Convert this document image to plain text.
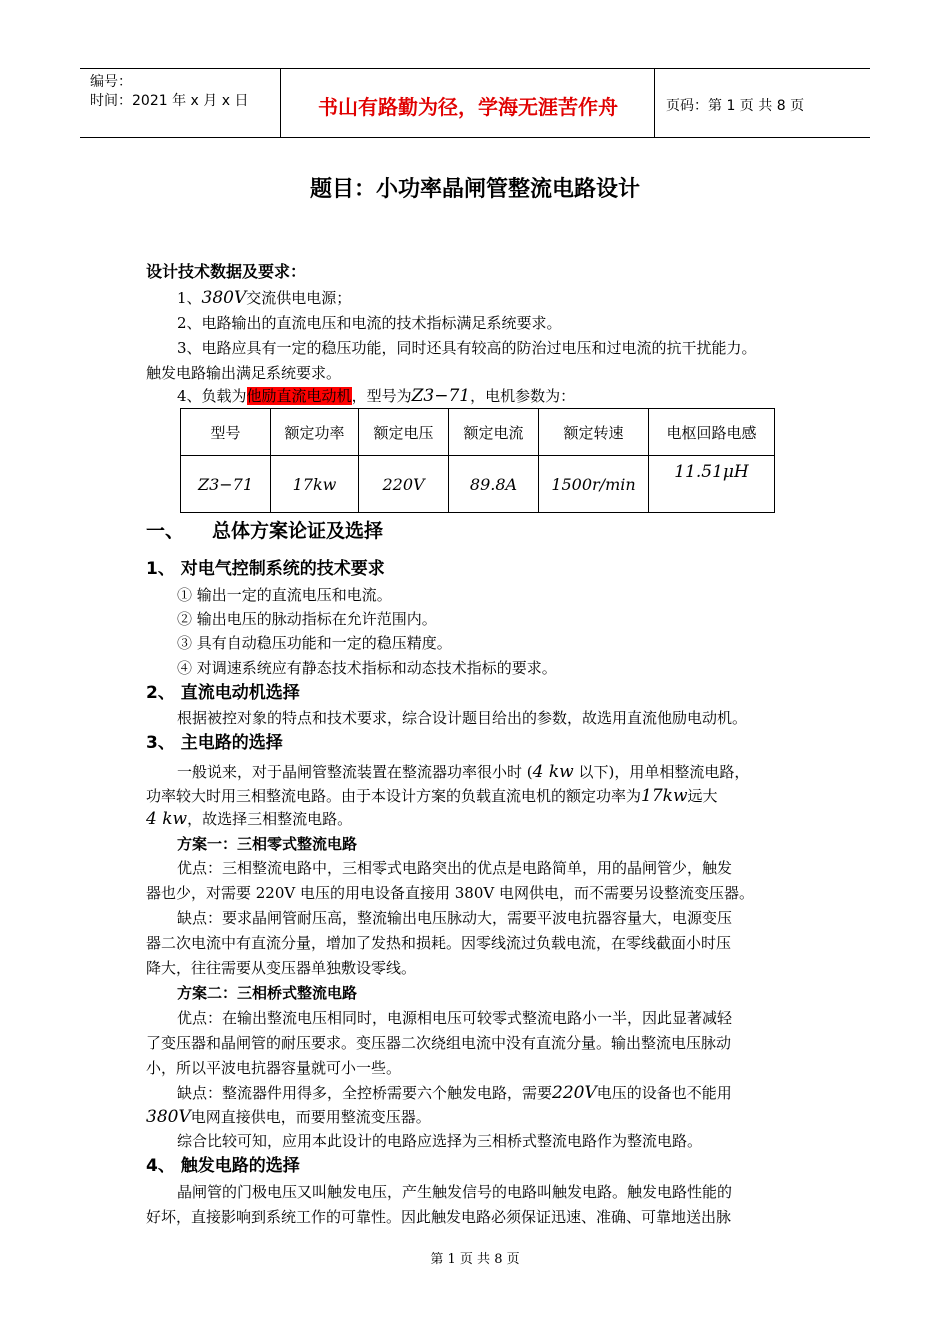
编号：
时间：2021 年 x 月 x 日	书山有路勤为径，学海无涯苦作舟	页码：第 1 页 共 8 页
题目：小功率晶闸管整流电路设计
设计技术数据及要求：
1、380V交流供电电源；
2、电路输出的直流电压和电流的技术指标满足系统要求。
3、电路应具有一定的稳压功能，同时还具有较高的防治过电压和过电流的抗干扰能力。
触发电路输出满足系统要求。
4、负载为他励直流电动机，型号为Z3−71，电机参数为：
型号	额定功率	额定电压	额定电流	额定转速	电枢回路电感
Z3−71	17kw	220V	89.8A	1500r/min	11.51μH
一、 总体方案论证及选择
1、 对电气控制系统的技术要求
① 输出一定的直流电压和电流。
② 输出电压的脉动指标在允许范围内。
③ 具有自动稳压功能和一定的稳压精度。
④ 对调速系统应有静态技术指标和动态技术指标的要求。
2、 直流电动机选择
根据被控对象的特点和技术要求，综合设计题目给出的参数，故选用直流他励电动机。
3、 主电路的选择
一般说来，对于晶闸管整流装置在整流器功率很小时 (4 kw 以下)，用单相整流电路，
功率较大时用三相整流电路。由于本设计方案的负载直流电机的额定功率为17kw远大
4 kw，故选择三相整流电路。
方案一：三相零式整流电路
优点：三相整流电路中，三相零式电路突出的优点是电路简单，用的晶闸管少，触发
器也少，对需要 220V 电压的用电设备直接用 380V 电网供电，而不需要另设整流变压器。
缺点：要求晶闸管耐压高，整流输出电压脉动大，需要平波电抗器容量大，电源变压
器二次电流中有直流分量，增加了发热和损耗。因零线流过负载电流，在零线截面小时压
降大，往往需要从变压器单独敷设零线。
方案二：三相桥式整流电路
优点：在输出整流电压相同时，电源相电压可较零式整流电路小一半，因此显著减轻
了变压器和晶闸管的耐压要求。变压器二次绕组电流中没有直流分量。输出整流电压脉动
小，所以平波电抗器容量就可小一些。
缺点：整流器件用得多，全控桥需要六个触发电路，需要220V电压的设备也不能用
380V电网直接供电，而要用整流变压器。
综合比较可知，应用本此设计的电路应选择为三相桥式整流电路作为整流电路。
4、 触发电路的选择
晶闸管的门极电压又叫触发电压，产生触发信号的电路叫触发电路。触发电路性能的
好坏，直接影响到系统工作的可靠性。因此触发电路必须保证迅速、准确、可靠地送出脉
第 1 页 共 8 页
